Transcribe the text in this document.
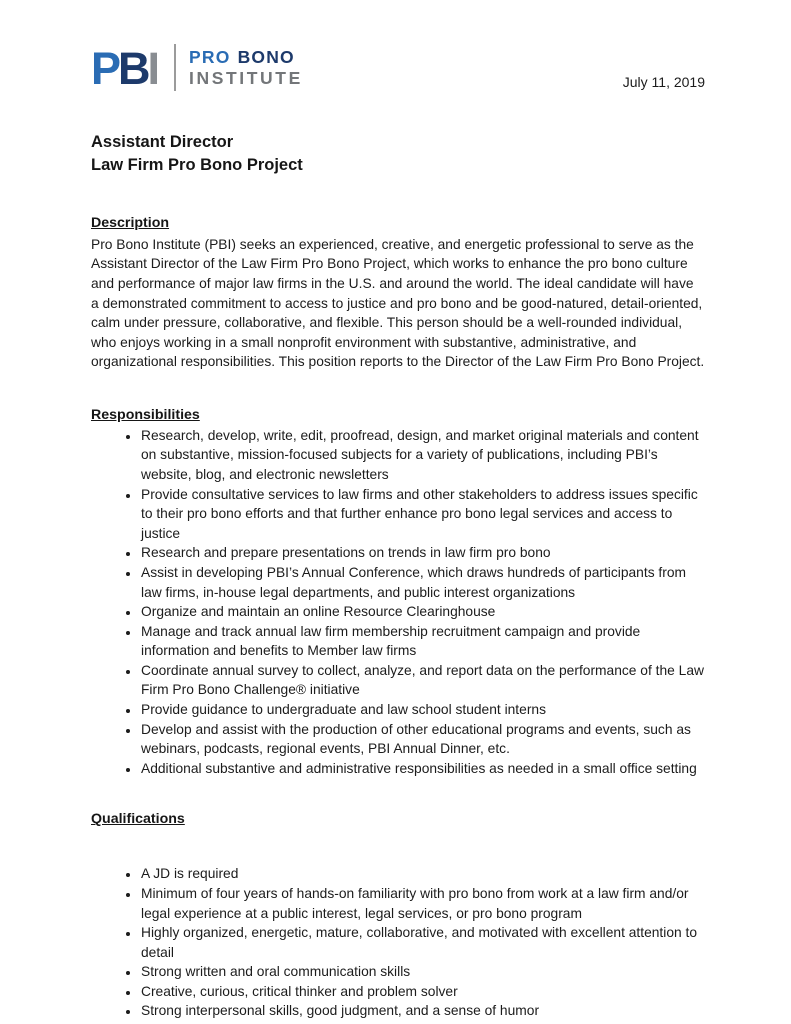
PBI PRO BONO
INSTITUTE	July 11, 2019
Assistant Director
Law Firm Pro Bono Project
Description

Pro Bono Institute (PBI) seeks an experienced, creative, and energetic professional to serve as the Assistant Director of the Law Firm Pro Bono Project, which works to enhance the pro bono culture and performance of major law firms in the U.S. and around the world. The ideal candidate will have a demonstrated commitment to access to justice and pro bono and be good-natured, detail-oriented, calm under pressure, collaborative, and flexible. This person should be a well-rounded individual, who enjoys working in a small nonprofit environment with substantive, administrative, and organizational responsibilities. This position reports to the Director of the Law Firm Pro Bono Project.

Responsibilities
• Research, develop, write, edit, proofread, design, and market original materials and content on substantive, mission-focused subjects for a variety of publications, including PBI’s website, blog, and electronic newsletters
• Provide consultative services to law firms and other stakeholders to address issues specific to their pro bono efforts and that further enhance pro bono legal services and access to justice
• Research and prepare presentations on trends in law firm pro bono
• Assist in developing PBI’s Annual Conference, which draws hundreds of participants from law firms, in-house legal departments, and public interest organizations
• Organize and maintain an online Resource Clearinghouse
• Manage and track annual law firm membership recruitment campaign and provide information and benefits to Member law firms
• Coordinate annual survey to collect, analyze, and report data on the performance of the Law Firm Pro Bono Challenge® initiative
• Provide guidance to undergraduate and law school student interns
• Develop and assist with the production of other educational programs and events, such as webinars, podcasts, regional events, PBI Annual Dinner, etc.
• Additional substantive and administrative responsibilities as needed in a small office setting
Qualifications
• A JD is required
• Minimum of four years of hands-on familiarity with pro bono from work at a law firm and/or legal experience at a public interest, legal services, or pro bono program
• Highly organized, energetic, mature, collaborative, and motivated with excellent attention to detail
• Strong written and oral communication skills
• Creative, curious, critical thinker and problem solver
• Strong interpersonal skills, good judgment, and a sense of humor
